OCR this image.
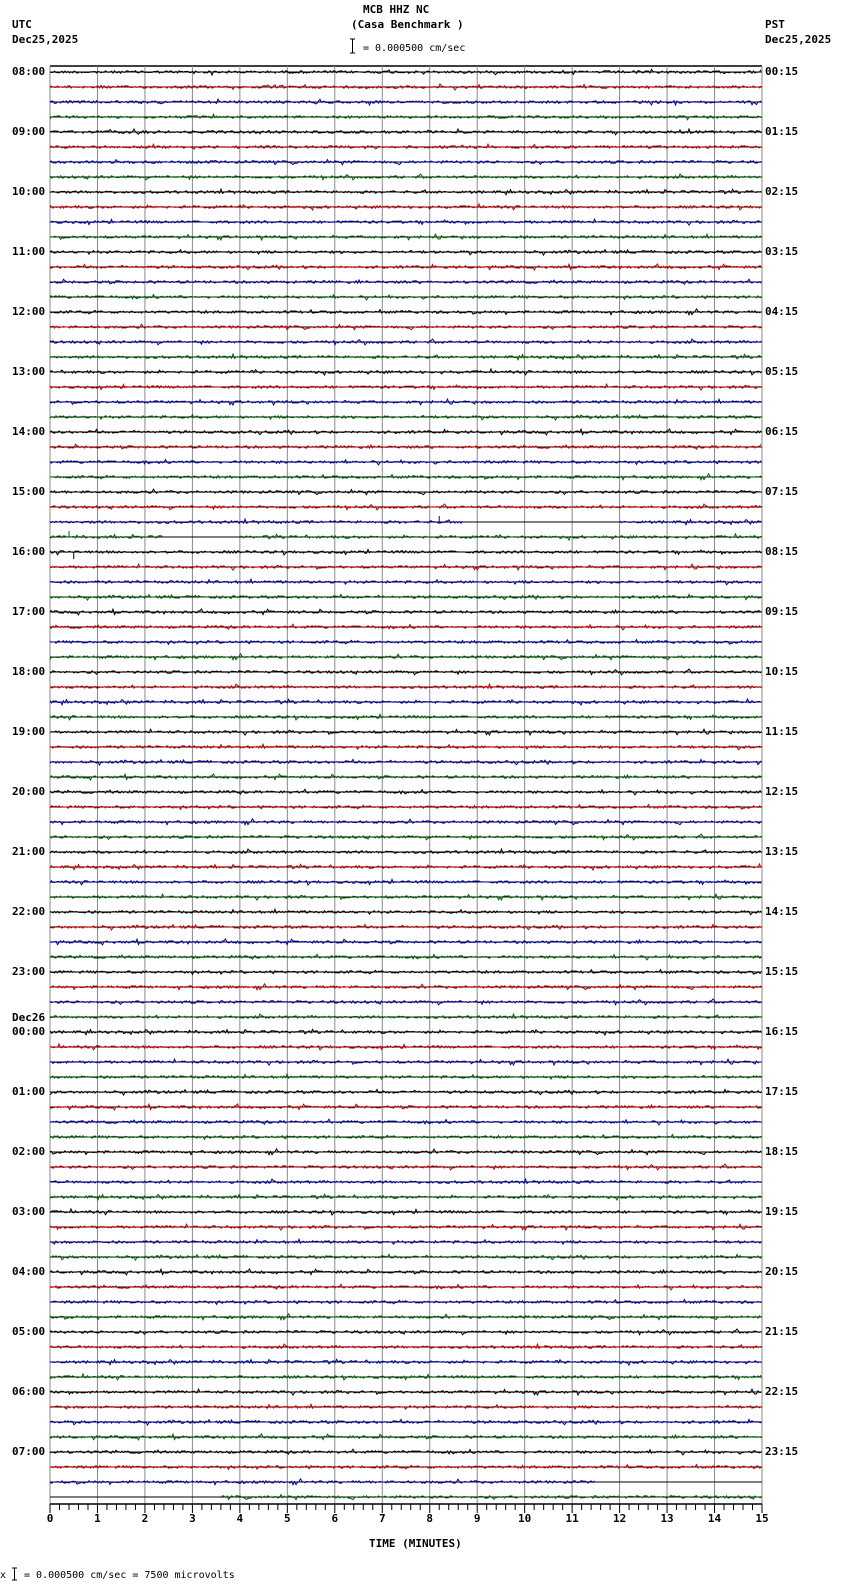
MCB HHZ NC
(Casa Benchmark )
= 0.000500 cm/sec
UTC
Dec25,2025
PST
Dec25,2025
08:00
09:00
10:00
11:00
12:00
13:00
14:00
15:00
16:00
17:00
18:00
19:00
20:00
21:00
22:00
23:00
00:00
Dec26
01:00
02:00
03:00
04:00
05:00
06:00
07:00
00:15
01:15
02:15
03:15
04:15
05:15
06:15
07:15
08:15
09:15
10:15
11:15
12:15
13:15
14:15
15:15
16:15
17:15
18:15
19:15
20:15
21:15
22:15
23:15
0	1	2	3	4	5	6	7	8	9	10	11	12	13	14	15
TIME (MINUTES)
x = 0.000500 cm/sec = 7500 microvolts
